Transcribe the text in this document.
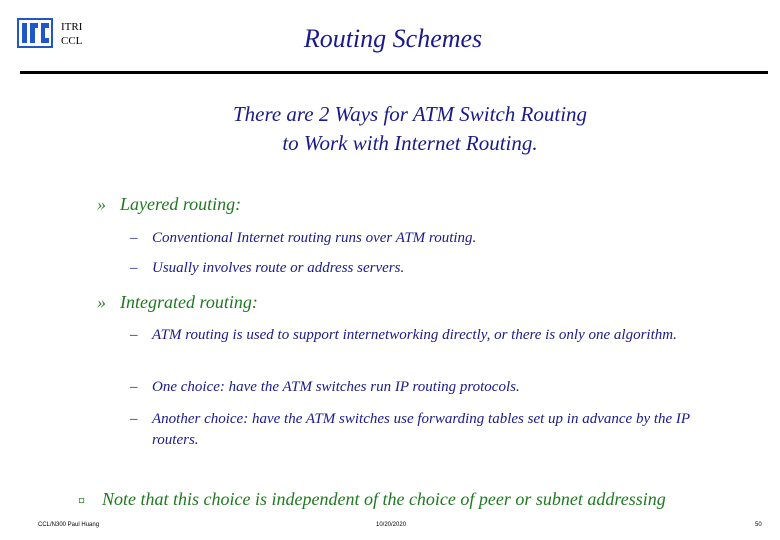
ITRI
CCL	Routing Schemes
There are 2 Ways for ATM Switch Routing
to Work with Internet Routing.
» Layered routing:
– Conventional Internet routing runs over ATM routing.
– Usually involves route or address servers.
» Integrated routing:
– ATM routing is used to support internetworking directly, or there is only one algorithm.
– One choice: have the ATM switches run IP routing protocols.
– Another choice: have the ATM switches use forwarding tables set up in advance by the IP routers.
¤ Note that this choice is independent of the choice of peer or subnet addressing
CCL/N300 Paul Huang	10/20/2020	50
